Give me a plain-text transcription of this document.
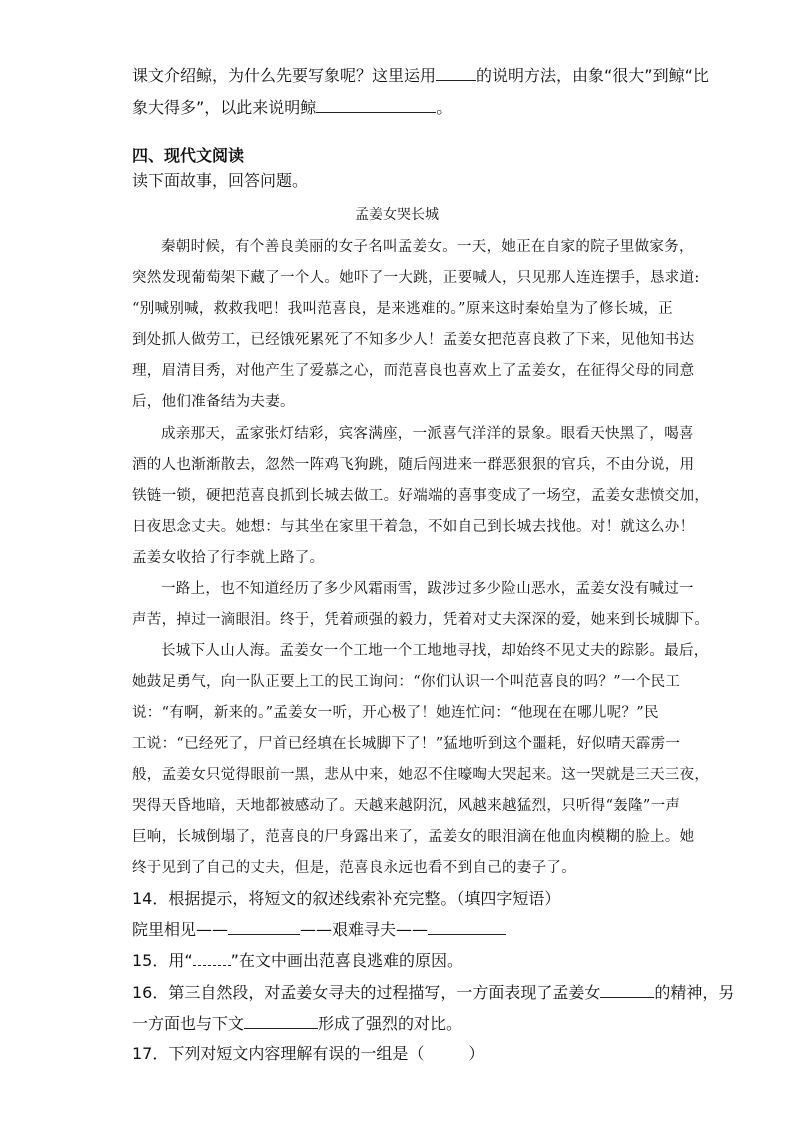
课文介绍鲸，为什么先要写象呢？这里运用	的说明方法，由象“很大”到鲸“比
象大得多”，以此来说明鲸	。
四、现代文阅读
读下面故事，回答问题。
孟姜女哭长城
秦朝时候，有个善良美丽的女子名叫孟姜女。一天，她正在自家的院子里做家务，
突然发现葡萄架下藏了一个人。她吓了一大跳，正要喊人，只见那人连连摆手，恳求道:
“别喊别喊，救救我吧！我叫范喜良，是来逃难的。”原来这时秦始皇为了修长城，正
到处抓人做劳工，已经饿死累死了不知多少人！孟姜女把范喜良救了下来，见他知书达
理，眉清目秀，对他产生了爱慕之心，而范喜良也喜欢上了孟姜女，在征得父母的同意
后，他们准备结为夫妻。
成亲那天，孟家张灯结彩，宾客满座，一派喜气洋洋的景象。眼看天快黑了，喝喜
酒的人也渐渐散去，忽然一阵鸡飞狗跳，随后闯进来一群恶狠狠的官兵，不由分说，用
铁链一锁，硬把范喜良抓到长城去做工。好端端的喜事变成了一场空，孟姜女悲愤交加，
日夜思念丈夫。她想：与其坐在家里干着急，不如自己到长城去找他。对！就这么办！
孟姜女收拾了行李就上路了。
一路上，也不知道经历了多少风霜雨雪，跋涉过多少险山恶水，孟姜女没有喊过一
声苦，掉过一滴眼泪。终于，凭着顽强的毅力，凭着对丈夫深深的爱，她来到长城脚下。
长城下人山人海。孟姜女一个工地一个工地地寻找，却始终不见丈夫的踪影。最后，
她鼓足勇气，向一队正要上工的民工询问：“你们认识一个叫范喜良的吗？”一个民工
说：“有啊，新来的。”孟姜女一听，开心极了！她连忙问：“他现在在哪儿呢？”民
工说：“已经死了，尸首已经填在长城脚下了！”猛地听到这个噩耗，好似晴天霹雳一
般，孟姜女只觉得眼前一黑，悲从中来，她忍不住嚎啕大哭起来。这一哭就是三天三夜，
哭得天昏地暗，天地都被感动了。天越来越阴沉，风越来越猛烈，只听得“轰隆”一声
巨响，长城倒塌了，范喜良的尸身露出来了，孟姜女的眼泪滴在他血肉模糊的脸上。她
终于见到了自己的丈夫，但是，范喜良永远也看不到自己的妻子了。
14．根据提示，将短文的叙述线索补充完整。（填四字短语）
院里相见——	——艰难寻夫——
15．用“ ”在文中画出范喜良逃难的原因。
16．第三自然段，对孟姜女寻夫的过程描写，一方面表现了孟姜女	的精神，另
一方面也与下文	形成了强烈的对比。
17．下列对短文内容理解有误的一组是（	）
